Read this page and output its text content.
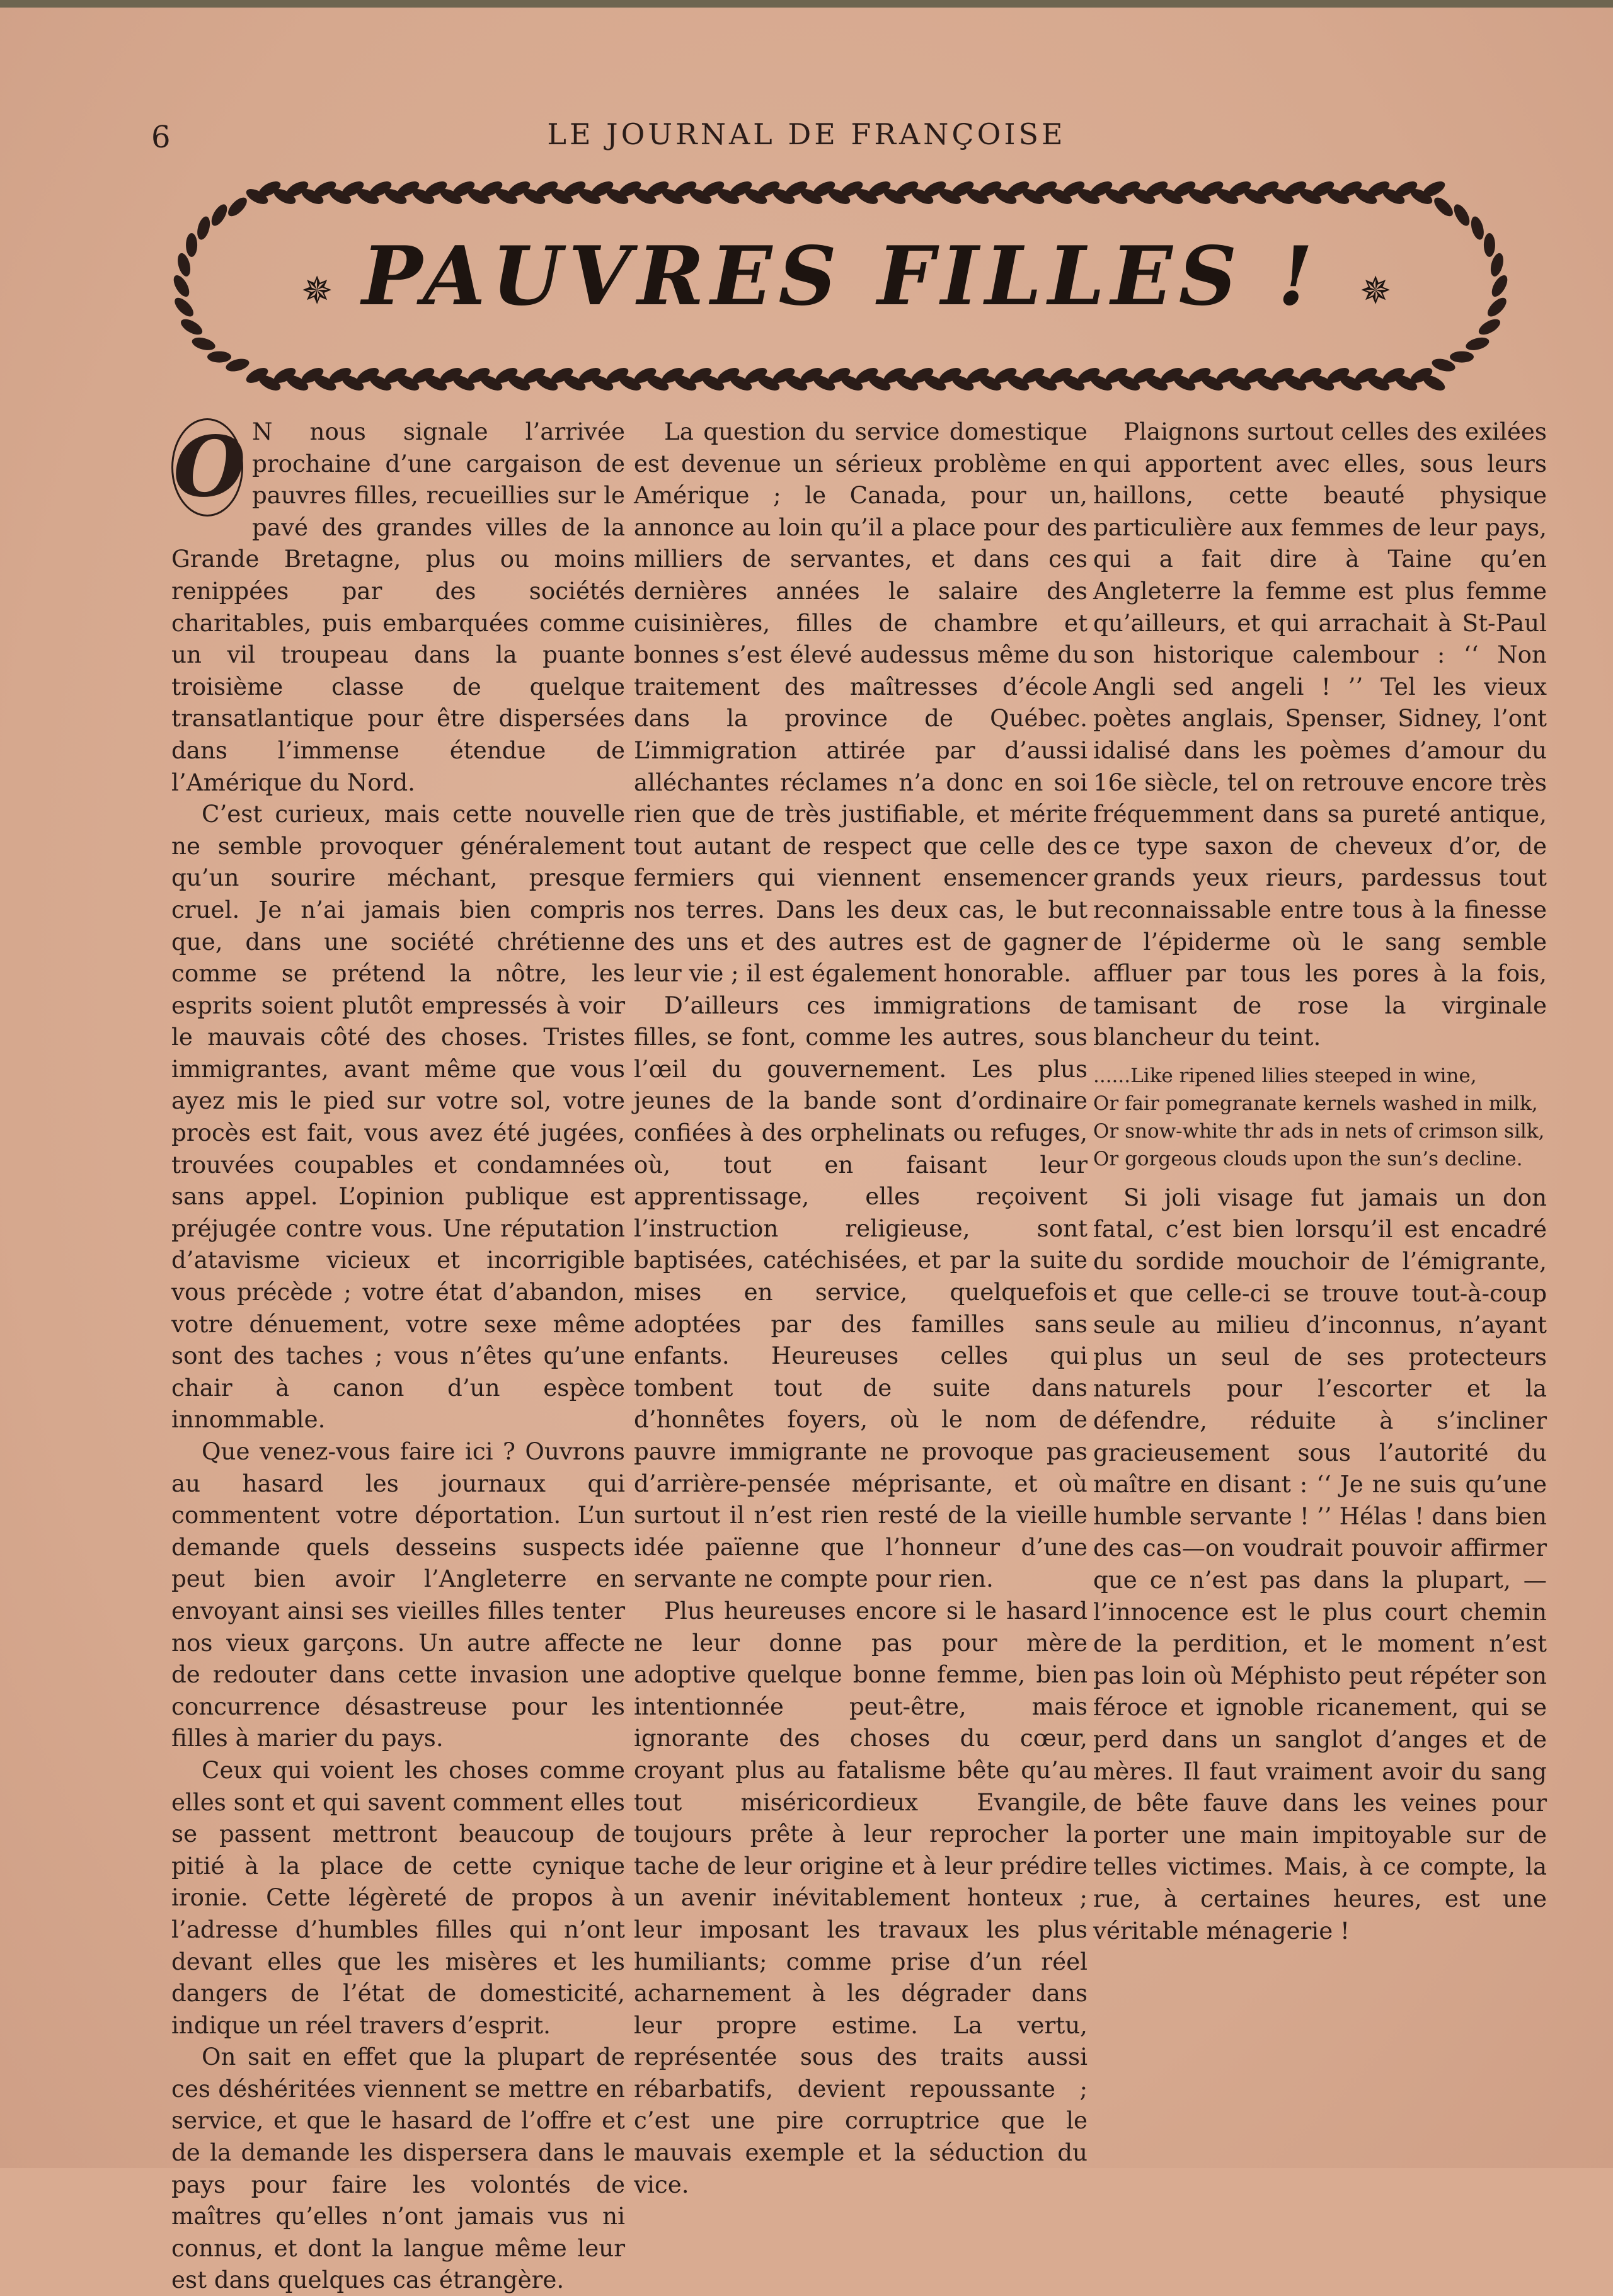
6	LE JOURNAL DE FRANÇOISE
✵ PAUVRES FILLES !	✵

O N nous signale l’arrivée prochaine d’une cargaison de pauvres filles, recueillies sur le pavé des grandes villes de la Grande Bretagne, plus ou moins renippées par des sociétés charitables, puis embarquées comme un vil troupeau dans la puante troisième classe de quelque transatlantique pour être dispersées dans l’immense étendue de l’Amérique du Nord.

C’est curieux, mais cette nouvelle ne semble provoquer généralement qu’un sourire méchant, presque cruel. Je n’ai jamais bien compris que, dans une société chrétienne comme se prétend la nôtre, les esprits soient plutôt empressés à voir le mauvais côté des choses. Tristes immigrantes, avant même que vous ayez mis le pied sur votre sol, votre procès est fait, vous avez été jugées, trouvées coupables et condamnées sans appel. L’opinion publique est préjugée contre vous. Une réputation d’atavisme vicieux et incorrigible vous précède ; votre état d’abandon, votre dénuement, votre sexe même sont des taches ; vous n’êtes qu’une chair à canon d’un espèce innommable.

Que venez-vous faire ici ? Ouvrons au hasard les journaux qui commentent votre déportation. L’un demande quels desseins suspects peut bien avoir l’Angleterre en envoyant ainsi ses vieilles filles tenter nos vieux garçons. Un autre affecte de redouter dans cette invasion une concurrence désastreuse pour les filles à marier du pays.

Ceux qui voient les choses comme elles sont et qui savent comment elles se passent mettront beaucoup de pitié à la place de cette cynique ironie. Cette légèreté de propos à l’adresse d’humbles filles qui n’ont devant elles que les misères et les dangers de l’état de domesticité, indique un réel travers d’esprit.

On sait en effet que la plupart de ces déshéritées viennent se mettre en service, et que le hasard de l’offre et de la demande les dispersera dans le pays pour faire les volontés de maîtres qu’elles n’ont jamais vus ni connus, et dont la langue même leur est dans quelques cas étrangère.

La question du service domestique est devenue un sérieux problème en Amérique ; le Canada, pour un, annonce au loin qu’il a place pour des milliers de servantes, et dans ces dernières années le salaire des cuisinières, filles de chambre et bonnes s’est élevé audessus même du traitement des maîtresses d’école dans la province de Québec. L’immigration attirée par d’aussi alléchantes réclames n’a donc en soi rien que de très justifiable, et mérite tout autant de respect que celle des fermiers qui viennent ensemencer nos terres. Dans les deux cas, le but des uns et des autres est de gagner leur vie ; il est également honorable.

D’ailleurs ces immigrations de filles, se font, comme les autres, sous l’œil du gouvernement. Les plus jeunes de la bande sont d’ordinaire confiées à des orphelinats ou refuges, où, tout en faisant leur apprentissage, elles reçoivent l’instruction religieuse, sont baptisées, catéchisées, et par la suite mises en service, quelquefois adoptées par des familles sans enfants. Heureuses celles qui tombent tout de suite dans d’honnêtes foyers, où le nom de pauvre immigrante ne provoque pas d’arrière-pensée méprisante, et où surtout il n’est rien resté de la vieille idée païenne que l’honneur d’une servante ne compte pour rien.

Plus heureuses encore si le hasard ne leur donne pas pour mère adoptive quelque bonne femme, bien intentionnée peut-être, mais ignorante des choses du cœur, croyant plus au fatalisme bête qu’au tout miséricordieux Evangile, toujours prête à leur reprocher la tache de leur origine et à leur prédire un avenir inévitablement honteux ; leur imposant les travaux les plus humiliants; comme prise d’un réel acharnement à les dégrader dans leur propre estime. La vertu, représentée sous des traits aussi rébarbatifs, devient repoussante ; c’est une pire corruptrice que le mauvais exemple et la séduction du vice.

Plaignons surtout celles des exilées qui apportent avec elles, sous leurs haillons, cette beauté physique particulière aux femmes de leur pays, qui a fait dire à Taine qu’en Angleterre la femme est plus femme qu’ailleurs, et qui arrachait à St-Paul son historique calembour : ‘‘ Non Angli sed angeli ! ’’ Tel les vieux poètes anglais, Spenser, Sidney, l’ont idalisé dans les poèmes d’amour du 16e siècle, tel on retrouve encore très fréquemment dans sa pureté antique, ce type saxon de cheveux d’or, de grands yeux rieurs, pardessus tout reconnaissable entre tous à la finesse de l’épiderme où le sang semble affluer par tous les pores à la fois, tamisant de rose la virginale blancheur du teint.

......Like ripened lilies steeped in wine,
Or fair pomegranate kernels washed in milk,
Or snow-white thr ads in nets of crimson silk,
Or gorgeous clouds upon the sun’s decline.

Si joli visage fut jamais un don fatal, c’est bien lorsqu’il est encadré du sordide mouchoir de l’émigrante, et que celle-ci se trouve tout-à-coup seule au milieu d’inconnus, n’ayant plus un seul de ses protecteurs naturels pour l’escorter et la défendre, réduite à s’incliner gracieusement sous l’autorité du maître en disant : ‘‘ Je ne suis qu’une humble servante ! ’’ Hélas ! dans bien des cas—on voudrait pouvoir affirmer que ce n’est pas dans la plupart, — l’innocence est le plus court chemin de la perdition, et le moment n’est pas loin où Méphisto peut répéter son féroce et ignoble ricanement, qui se perd dans un sanglot d’anges et de mères. Il faut vraiment avoir du sang de bête fauve dans les veines pour porter une main impitoyable sur de telles victimes. Mais, à ce compte, la rue, à certaines heures, est une véritable ménagerie !
